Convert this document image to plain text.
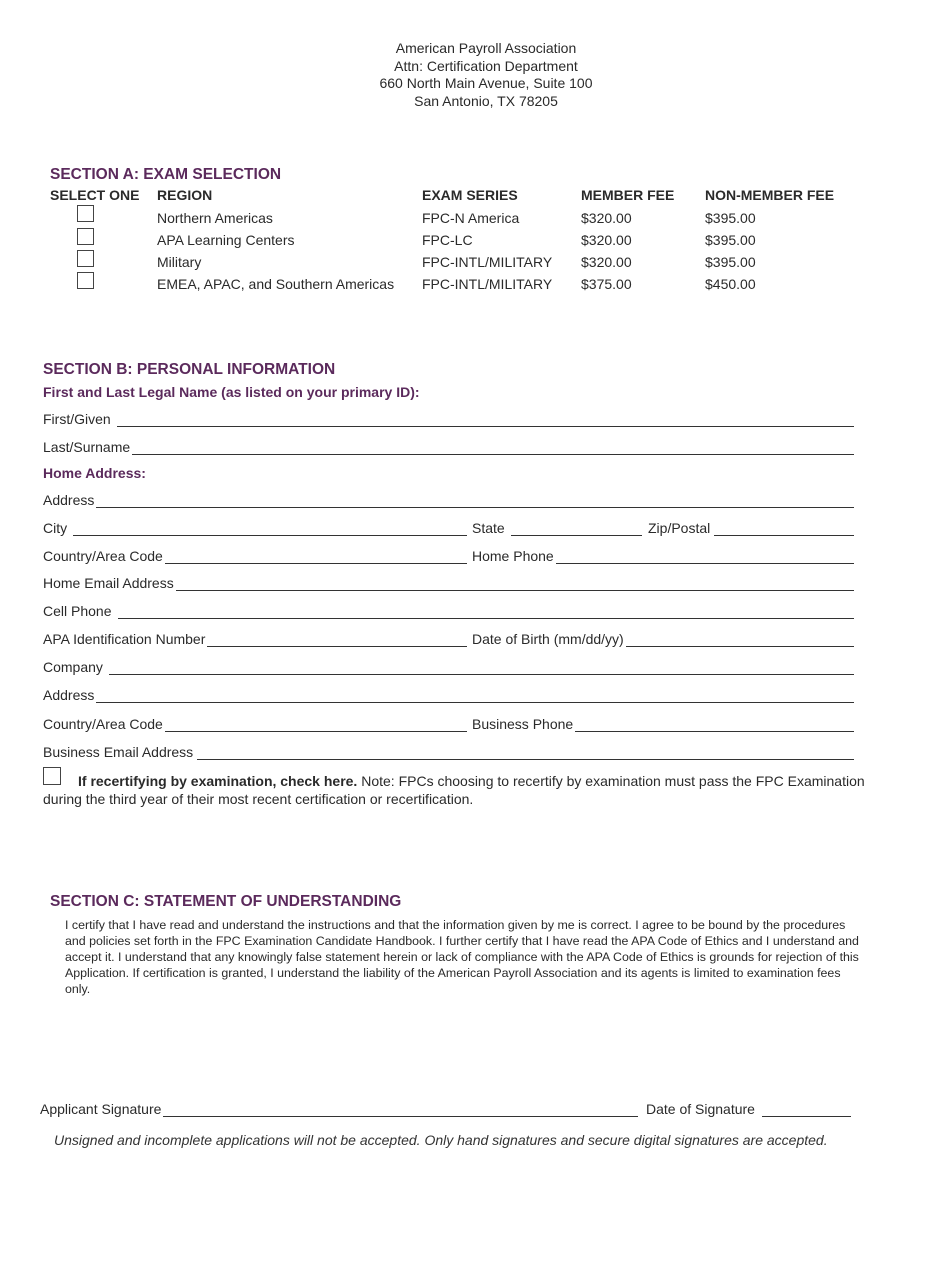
American Payroll Association
Attn: Certification Department
660 North Main Avenue, Suite 100
San Antonio, TX 78205
SECTION A: EXAM SELECTION
SELECT ONE REGION	EXAM SERIES	MEMBER FEE NON-MEMBER FEE
Northern Americas	FPC-N America	$320.00	$395.00
APA Learning Centers	FPC-LC	$320.00	$395.00
Military	FPC-INTL/MILITARY $320.00	$395.00
EMEA, APAC, and Southern Americas FPC-INTL/MILITARY $375.00	$450.00
SECTION B: PERSONAL INFORMATION
First and Last Legal Name (as listed on your primary ID):
First/Given
Last/Surname
Home Address:
Address
City	State	Zip/Postal
Country/Area Code	Home Phone
Home Email Address
Cell Phone
APA Identification Number	Date of Birth (mm/dd/yy)
Company
Address
Country/Area Code	Business Phone
Business Email Address
If recertifying by examination, check here. Note: FPCs choosing to recertify by examination must pass the FPC Examination during the third year of their most recent certification or recertification.
SECTION C: STATEMENT OF UNDERSTANDING
I certify that I have read and understand the instructions and that the information given by me is correct. I agree to be bound by the procedures and policies set forth in the FPC Examination Candidate Handbook. I further certify that I have read the APA Code of Ethics and I understand and accept it. I understand that any knowingly false statement herein or lack of compliance with the APA Code of Ethics is grounds for rejection of this Application. If certification is granted, I understand the liability of the American Payroll Association and its agents is limited to examination fees only.
Applicant Signature	Date of Signature
Unsigned and incomplete applications will not be accepted. Only hand signatures and secure digital signatures are accepted.
